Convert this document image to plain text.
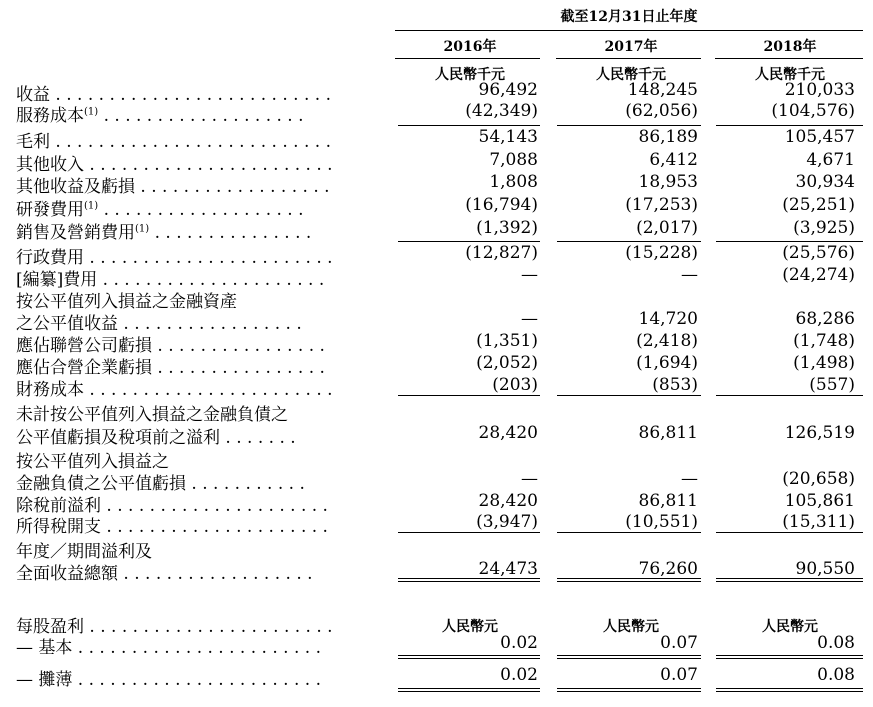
截至12月31日止年度
2016年	2017年	2018年
人民幣千元	人民幣千元	人民幣千元
收益 . . . . . . . . . . . . . . . . . . . . . . . . . .	96,492	148,245	210,033
服務成本$^{(1)}$ . . . . . . . . . . . . . . . . . . .	(42,349)	(62,056)	(104,576)
毛利 . . . . . . . . . . . . . . . . . . . . . . . . . .	54,143	86,189	105,457
其他收入 . . . . . . . . . . . . . . . . . . . . . . .	7,088	6,412	4,671
其他收益及虧損 . . . . . . . . . . . . . . . . . .	1,808	18,953	30,934
研發費用$^{(1)}$ . . . . . . . . . . . . . . . . . . .	(16,794)	(17,253)	(25,251)
銷售及營銷費用$^{(1)}$ . . . . . . . . . . . . . . .	(1,392)	(2,017)	(3,925)
行政費用 . . . . . . . . . . . . . . . . . . . . . . .	(12,827)	(15,228)	(25,576)
[編纂]費用 . . . . . . . . . . . . . . . . . . . . .	—	—	(24,274)
按公平值列入損益之金融資產
之公平值收益 . . . . . . . . . . . . . . . . .	—	14,720	68,286
應佔聯營公司虧損 . . . . . . . . . . . . . . . .	(1,351)	(2,418)	(1,748)
應佔合營企業虧損 . . . . . . . . . . . . . . . .	(2,052)	(1,694)	(1,498)
財務成本 . . . . . . . . . . . . . . . . . . . . . . .	(203)	(853)	(557)
未計按公平值列入損益之金融負債之
公平值虧損及稅項前之溢利 . . . . . . .	28,420	86,811	126,519
按公平值列入損益之
金融負債之公平值虧損 . . . . . . . . . . .	—	—	(20,658)
除稅前溢利 . . . . . . . . . . . . . . . . . . . . .	28,420	86,811	105,861
所得稅開支 . . . . . . . . . . . . . . . . . . . . .	(3,947)	(10,551)	(15,311)
年度／期間溢利及
全面收益總額 . . . . . . . . . . . . . . . . . .	24,473	76,260	90,550
每股盈利 . . . . . . . . . . . . . . . . . . . . . . .	人民幣元	人民幣元	人民幣元
— 基本 . . . . . . . . . . . . . . . . . . . . . . .	0.02	0.07	0.08
— 攤薄 . . . . . . . . . . . . . . . . . . . . . . .	0.02	0.07	0.08
